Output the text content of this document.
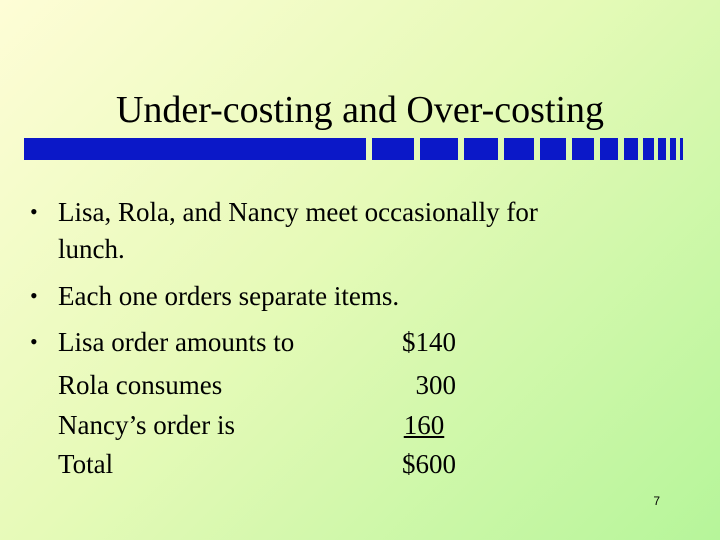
Under-costing and Over-costing
• Lisa, Rola, and Nancy meet occasionally for
lunch.
• Each one orders separate items.
• Lisa order amounts to	$140
Rola consumes	300
Nancy’s order is	160
Total	$600
7
